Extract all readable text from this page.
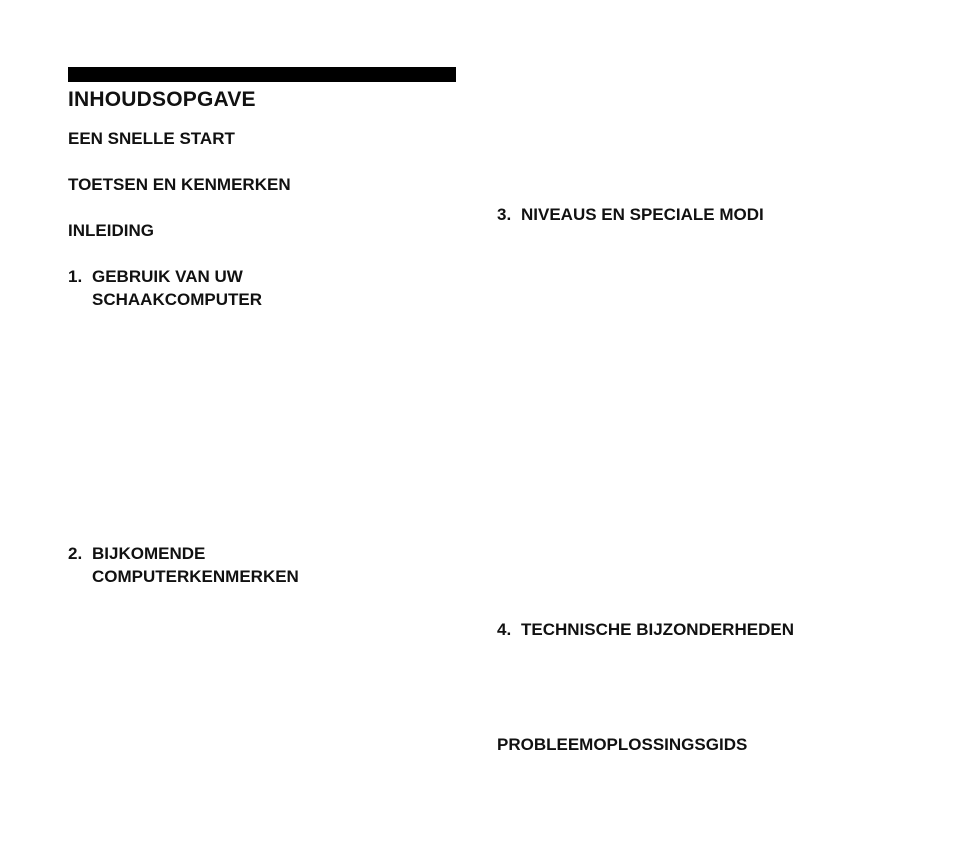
INHOUDSOPGAVE
EEN SNELLE START
TOETSEN EN KENMERKEN
INLEIDING
1. GEBRUIK VAN UW
SCHAAKCOMPUTER
2. BIJKOMENDE
COMPUTERKENMERKEN
3. NIVEAUS EN SPECIALE MODI
4. TECHNISCHE BIJZONDERHEDEN
PROBLEEMOPLOSSINGSGIDS
